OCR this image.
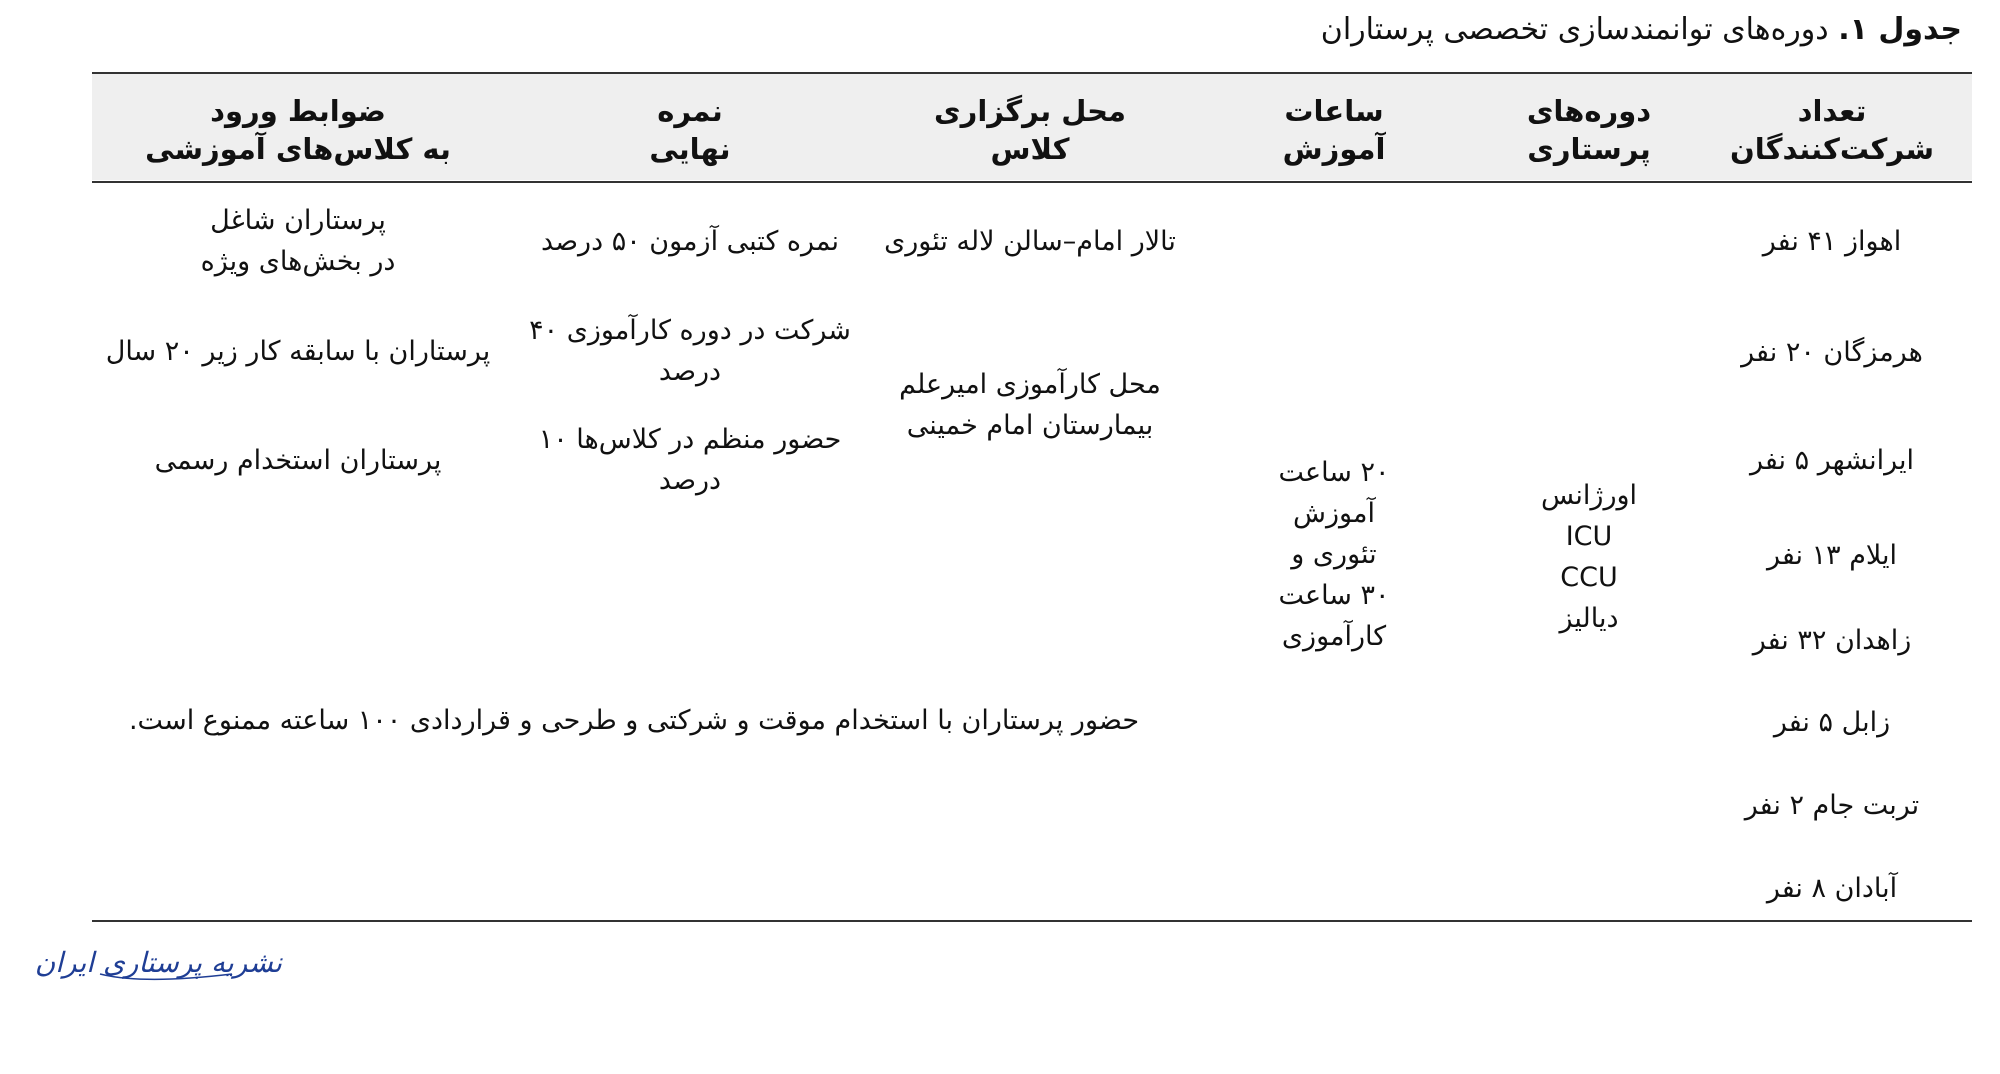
جدول ۱. دوره‌های توانمندسازی تخصصی پرستاران
تعداد
شرکت‌کنندگان
دوره‌های
پرستاری
ساعات
آموزش
محل برگزاری
کلاس
نمره
نهایی
ضوابط ورود
به کلاس‌های آموزشی
اهواز ۴۱ نفر
هرمزگان ۲۰ نفر
ایرانشهر ۵ نفر
ایلام ۱۳ نفر
زاهدان ۳۲ نفر
زابل ۵ نفر
تربت جام ۲ نفر
آبادان ۸ نفر
اورژانس
ICU
CCU
دیالیز
۲۰ ساعت
آموزش
تئوری و
۳۰ ساعت
کارآموزی
تالار امام–سالن لاله تئوری
محل کارآموزی امیرعلم
بیمارستان امام خمینی
نمره کتبی آزمون ۵۰ درصد
شرکت در دوره کارآموزی ۴۰
درصد
حضور منظم در کلاس‌ها ۱۰
درصد
پرستاران شاغل
در بخش‌های ویژه
پرستاران با سابقه کار زیر ۲۰ سال
پرستاران استخدام رسمی
حضور پرستاران با استخدام موقت و شرکتی و طرحی و قراردادی ۱۰۰ ساعته ممنوع است.
نشریه پرستاری ایران
